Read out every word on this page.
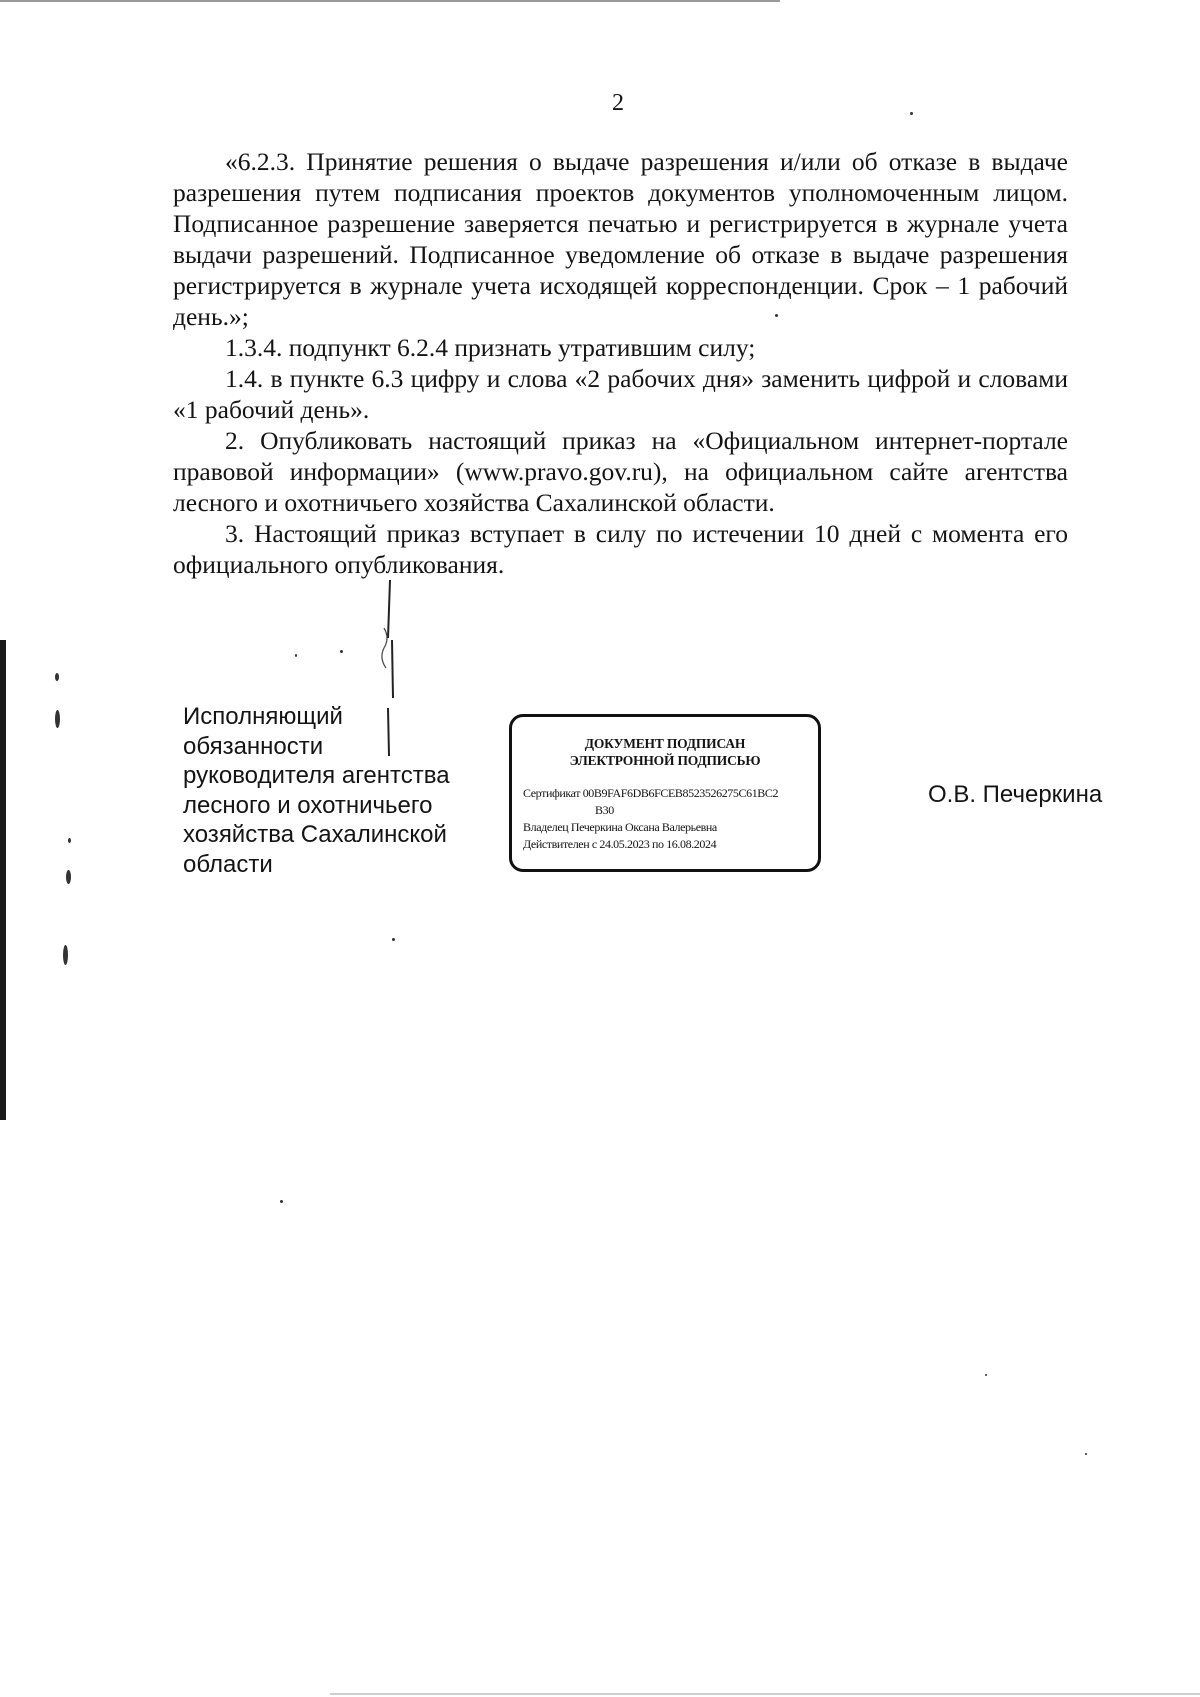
2

«6.2.3. Принятие решения о выдаче разрешения и/или об отказе в выдаче разрешения путем подписания проектов документов уполномоченным лицом. Подписанное разрешение заверяется печатью и регистрируется в журнале учета выдачи разрешений. Подписанное уведомление об отказе в выдаче разрешения регистрируется в журнале учета исходящей корреспонденции. Срок – 1 рабочий день.»;

1.3.4. подпункт 6.2.4 признать утратившим силу;

1.4. в пункте 6.3 цифру и слова «2 рабочих дня» заменить цифрой и словами «1 рабочий день».

2. Опубликовать настоящий приказ на «Официальном интернет-портале правовой информации» (www.pravo.gov.ru), на официальном сайте агентства лесного и охотничьего хозяйства Сахалинской области.

3. Настоящий приказ вступает в силу по истечении 10 дней с момента его официального опубликования.

Исполняющий
обязанности
руководителя агентства
лесного и охотничьего
хозяйства Сахалинской
области
ДОКУМЕНТ ПОДПИСАН
ЭЛЕКТРОННОЙ ПОДПИСЬЮ
Сертификат 00B9FAF6DB6FCEB8523526275C61BC2
B30
Владелец Печеркина Оксана Валерьевна
Действителен с 24.05.2023 по 16.08.2024
О.В. Печеркина
